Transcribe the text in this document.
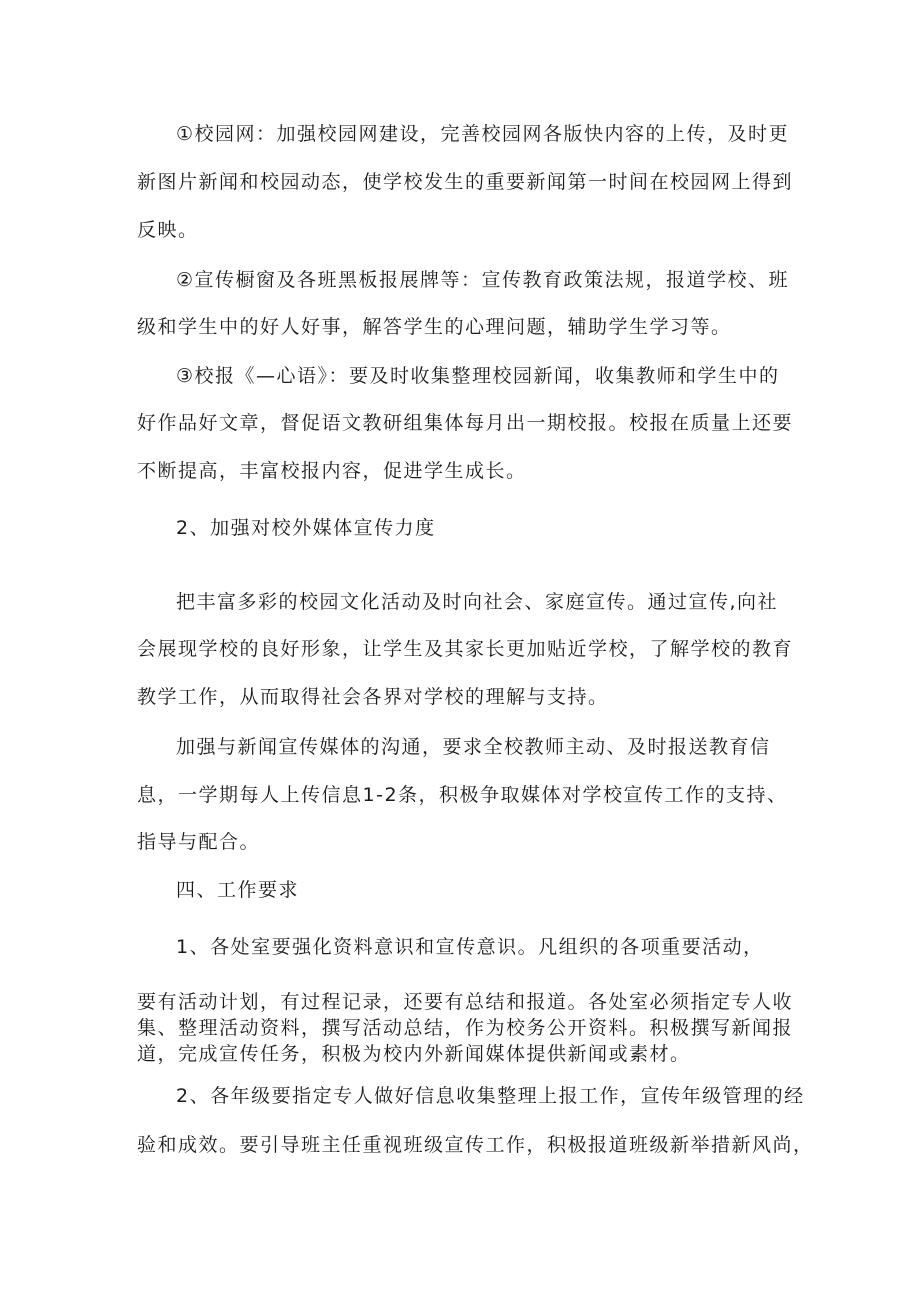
①校园网：加强校园网建设，完善校园网各版快内容的上传，及时更
新图片新闻和校园动态，使学校发生的重要新闻第一时间在校园网上得到
反映。
②宣传橱窗及各班黑板报展牌等：宣传教育政策法规，报道学校、班
级和学生中的好人好事，解答学生的心理问题，辅助学生学习等。
③校报《—心语》：要及时收集整理校园新闻，收集教师和学生中的
好作品好文章，督促语文教研组集体每月出一期校报。校报在质量上还要
不断提高，丰富校报内容，促进学生成长。
2、加强对校外媒体宣传力度
把丰富多彩的校园文化活动及时向社会、家庭宣传。通过宣传,向社
会展现学校的良好形象，让学生及其家长更加贴近学校，了解学校的教育
教学工作，从而取得社会各界对学校的理解与支持。
加强与新闻宣传媒体的沟通，要求全校教师主动、及时报送教育信
息，一学期每人上传信息1-2条，积极争取媒体对学校宣传工作的支持、
指导与配合。
四、工作要求
1、各处室要强化资料意识和宣传意识。凡组织的各项重要活动，
要有活动计划，有过程记录，还要有总结和报道。各处室必须指定专人收
集、整理活动资料，撰写活动总结，作为校务公开资料。积极撰写新闻报
道，完成宣传任务，积极为校内外新闻媒体提供新闻或素材。
2、各年级要指定专人做好信息收集整理上报工作，宣传年级管理的经
验和成效。要引导班主任重视班级宣传工作，积极报道班级新举措新风尚，
